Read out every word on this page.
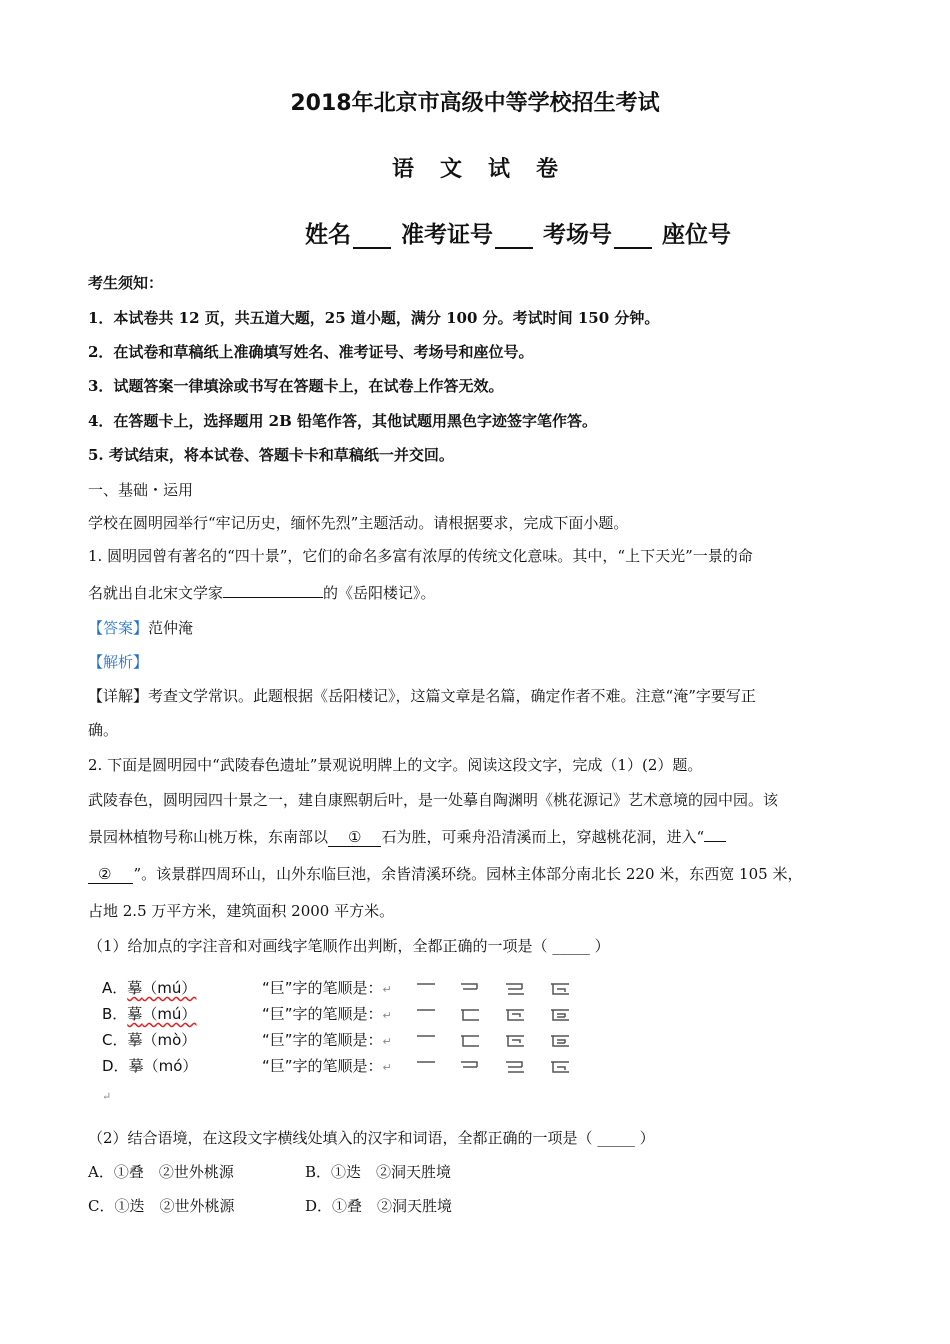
2018年北京市高级中等学校招生考试
语文试卷
姓名 准考证号 考场号 座位号
考生须知：
1．本试卷共 12 页，共五道大题，25 道小题，满分 100 分。考试时间 150 分钟。
2．在试卷和草稿纸上准确填写姓名、准考证号、考场号和座位号。
3．试题答案一律填涂或书写在答题卡上，在试卷上作答无效。
4．在答题卡上，选择题用 2B 铅笔作答，其他试题用黑色字迹签字笔作答。
5. 考试结束，将本试卷、答题卡卡和草稿纸一并交回。
一、基础・运用
学校在圆明园举行“牢记历史，缅怀先烈”主题活动。请根据要求，完成下面小题。
1. 圆明园曾有著名的“四十景”，它们的命名多富有浓厚的传统文化意味。其中，“上下天光”一景的命
名就出自北宋文学家	的《岳阳楼记》。
【答案】范仲淹
【解析】
【详解】考查文学常识。此题根据《岳阳楼记》，这篇文章是名篇，确定作者不难。注意“淹”字要写正
确。
2. 下面是圆明园中“武陵春色遗址”景观说明牌上的文字。阅读这段文字，完成（1）(2）题。
武陵春色，圆明园四十景之一，建自康熙朝后叶，是一处摹自陶渊明《桃花源记》艺术意境的园中园。该
景园林植物号称山桃万株，东南部以 ① 石为胜，可乘舟沿清溪而上，穿越桃花洞，进入“
② ”。该景群四周环山，山外东临巨池，余皆清溪环绕。园林主体部分南北长 220 米，东西宽 105 米，
占地 2.5 万平方米，建筑面积 2000 平方米。
（1）给加点的字注音和对画线字笔顺作出判断，全都正确的一项是（ _____ ）
A．摹（mú）	“巨”字的笔顺是：↵
B．摹（mú）	“巨”字的笔顺是：↵
C．摹（mò）	“巨”字的笔顺是：↵
D．摹（mó）	“巨”字的笔顺是：↵
↵
（2）结合语境，在这段文字横线处填入的汉字和词语，全都正确的一项是（ _____ ）
A．①叠　②世外桃源	B．①迭　②洞天胜境
C．①迭　②世外桃源	D．①叠　②洞天胜境
